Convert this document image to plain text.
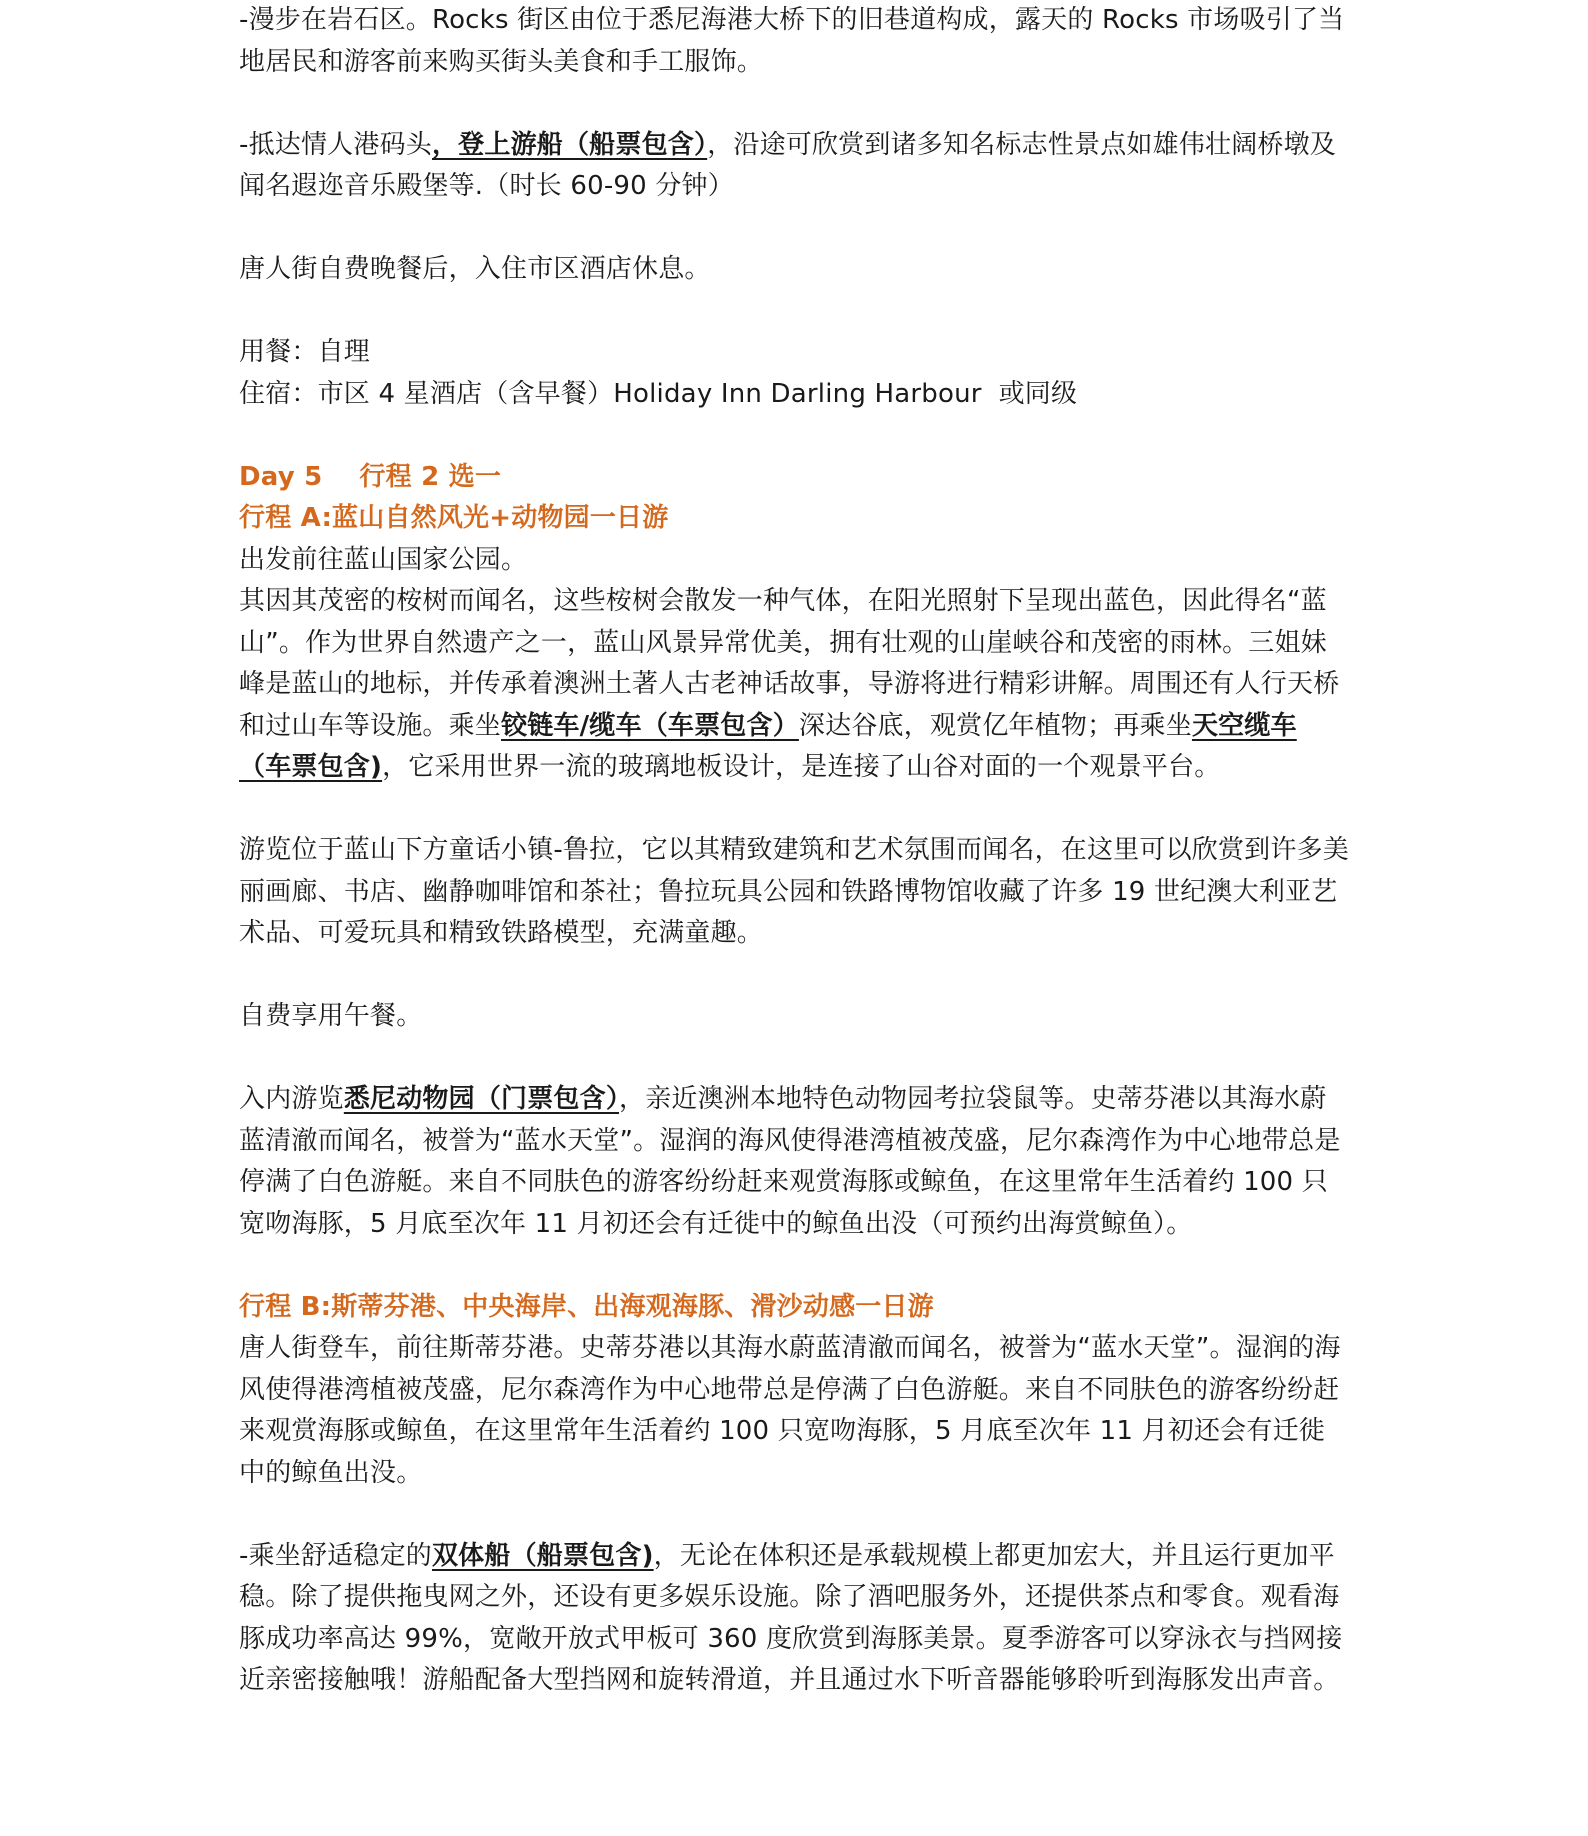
-漫步在岩石区。Rocks 街区由位于悉尼海港大桥下的旧巷道构成，露天的 Rocks 市场吸引了当地居民和游客前来购买街头美食和手工服饰。

-抵达情人港码头，登上游船（船票包含），沿途可欣赏到诸多知名标志性景点如雄伟壮阔桥墩及闻名遐迩音乐殿堡等.（时长 60-90 分钟）

唐人街自费晚餐后，入住市区酒店休息。

用餐：自理

住宿：市区 4 星酒店（含早餐）Holiday Inn Darling Harbour  或同级

Day 5    行程 2 选一

行程 A:蓝山自然风光+动物园一日游

出发前往蓝山国家公园。

其因其茂密的桉树而闻名，这些桉树会散发一种气体，在阳光照射下呈现出蓝色，因此得名“蓝山”。作为世界自然遗产之一，蓝山风景异常优美，拥有壮观的山崖峡谷和茂密的雨林。三姐妹峰是蓝山的地标，并传承着澳洲土著人古老神话故事，导游将进行精彩讲解。周围还有人行天桥和过山车等设施。乘坐铰链车/缆车（车票包含）深达谷底，观赏亿年植物；再乘坐天空缆车（车票包含)，它采用世界一流的玻璃地板设计，是连接了山谷对面的一个观景平台。

游览位于蓝山下方童话小镇-鲁拉，它以其精致建筑和艺术氛围而闻名，在这里可以欣赏到许多美丽画廊、书店、幽静咖啡馆和茶社；鲁拉玩具公园和铁路博物馆收藏了许多 19 世纪澳大利亚艺术品、可爱玩具和精致铁路模型，充满童趣。

自费享用午餐。

入内游览悉尼动物园（门票包含），亲近澳洲本地特色动物园考拉袋鼠等。史蒂芬港以其海水蔚蓝清澈而闻名，被誉为“蓝水天堂”。湿润的海风使得港湾植被茂盛，尼尔森湾作为中心地带总是停满了白色游艇。来自不同肤色的游客纷纷赶来观赏海豚或鲸鱼，在这里常年生活着约 100 只宽吻海豚，5 月底至次年 11 月初还会有迁徙中的鲸鱼出没（可预约出海赏鲸鱼）。

行程 B:斯蒂芬港、中央海岸、出海观海豚、滑沙动感一日游

唐人街登车，前往斯蒂芬港。史蒂芬港以其海水蔚蓝清澈而闻名，被誉为“蓝水天堂”。湿润的海风使得港湾植被茂盛，尼尔森湾作为中心地带总是停满了白色游艇。来自不同肤色的游客纷纷赶来观赏海豚或鲸鱼，在这里常年生活着约 100 只宽吻海豚，5 月底至次年 11 月初还会有迁徙中的鲸鱼出没。

-乘坐舒适稳定的双体船（船票包含)，无论在体积还是承载规模上都更加宏大，并且运行更加平稳。除了提供拖曳网之外，还设有更多娱乐设施。除了酒吧服务外，还提供茶点和零食。观看海豚成功率高达 99%，宽敞开放式甲板可 360 度欣赏到海豚美景。夏季游客可以穿泳衣与挡网接近亲密接触哦！游船配备大型挡网和旋转滑道，并且通过水下听音器能够聆听到海豚发出声音。
